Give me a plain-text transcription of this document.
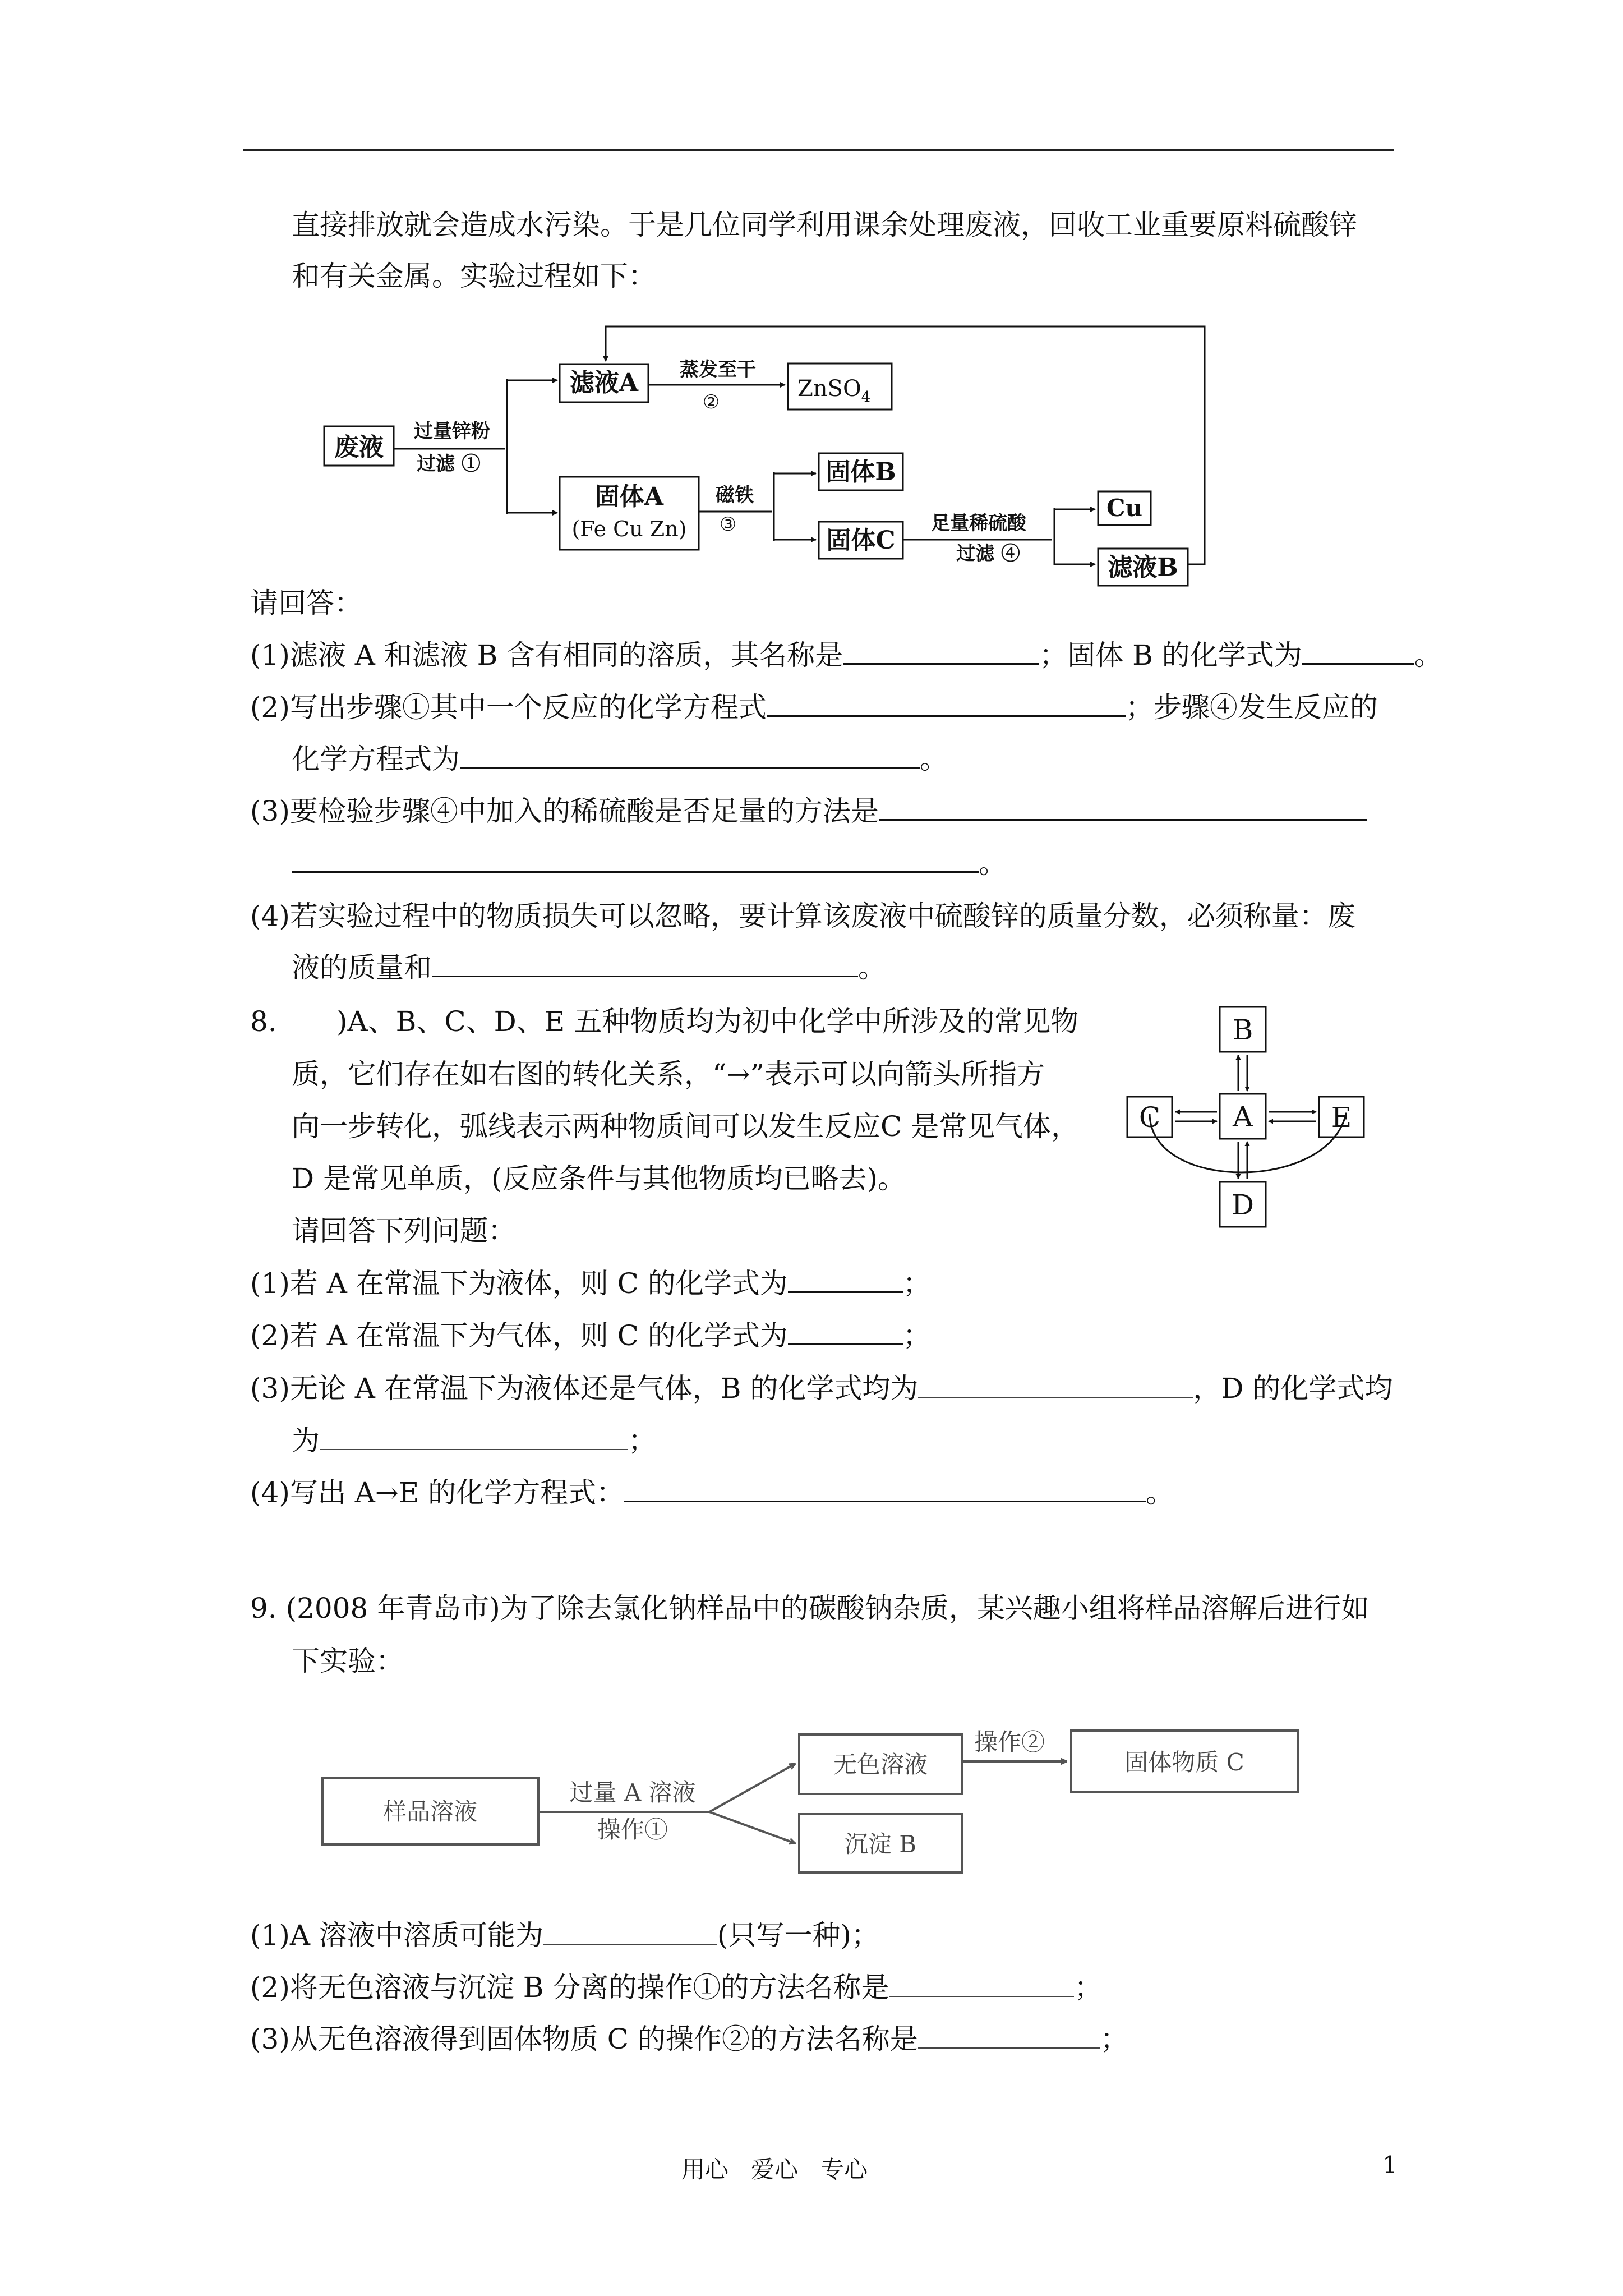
直接排放就会造成水污染。于是几位同学利用课余处理废液，回收工业重要原料硫酸锌
和有关金属。实验过程如下：
废液
过量锌粉
过滤 ①
滤液A 蒸发至干
②
ZnSO$_4$
固体A
(Fe Cu Zn)
磁铁
③
固体B
固体C
足量稀硫酸
过滤 ④
Cu
滤液B
请回答：
(1)滤液 A 和滤液 B 含有相同的溶质，其名称是	；固体 B 的化学式为	。
(2)写出步骤①其中一个反应的化学方程式	；步骤④发生反应的
化学方程式为	。
(3)要检验步骤④中加入的稀硫酸是否足量的方法是
。
(4)若实验过程中的物质损失可以忽略，要计算该废液中硫酸锌的质量分数，必须称量：废
液的质量和	。
8. )A、B、C、D、E 五种物质均为初中化学中所涉及的常见物
质，它们存在如右图的转化关系，“→”表示可以向箭头所指方
向一步转化，弧线表示两种物质间可以发生反应C 是常见气体，
D 是常见单质，(反应条件与其他物质均已略去)。
请回答下列问题：
B
A
C	E
D
(1)若 A 在常温下为液体，则 C 的化学式为	；
(2)若 A 在常温下为气体，则 C 的化学式为	；
(3)无论 A 在常温下为液体还是气体，B 的化学式均为	，D 的化学式均
为	；
(4)写出 A→E 的化学方程式：	。
9. (2008 年青岛市)为了除去氯化钠样品中的碳酸钠杂质，某兴趣小组将样品溶解后进行如
下实验：
样品溶液
过量 A 溶液
操作①
无色溶液
操作②
固体物质 C
沉淀 B
(1)A 溶液中溶质可能为	(只写一种)；
(2)将无色溶液与沉淀 B 分离的操作①的方法名称是	；
(3)从无色溶液得到固体物质 C 的操作②的方法名称是	；
用心   爱心   专心	1
